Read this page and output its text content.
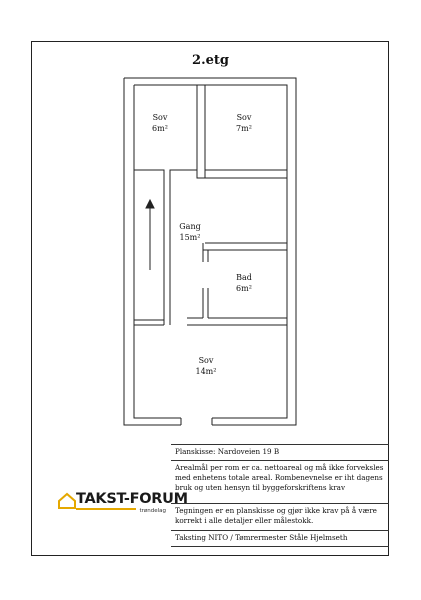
2.etg
Sov
6m²
Sov
7m²
Gang
15m²
Bad
6m²
Sov
14m²
TAKST-FORUM
trøndelag
Planskisse: Nardoveien 19 B
Arealmål per rom er ca. nettoareal og må ikke forveksles med enhetens totale areal. Rombenevnelse er iht dagens bruk og uten hensyn til byggeforskriftens krav
Tegningen er en planskisse og gjør ikke krav på å være korrekt i alle detaljer eller målestokk.
Taksting NITO / Tømrermester Ståle Hjelmseth
